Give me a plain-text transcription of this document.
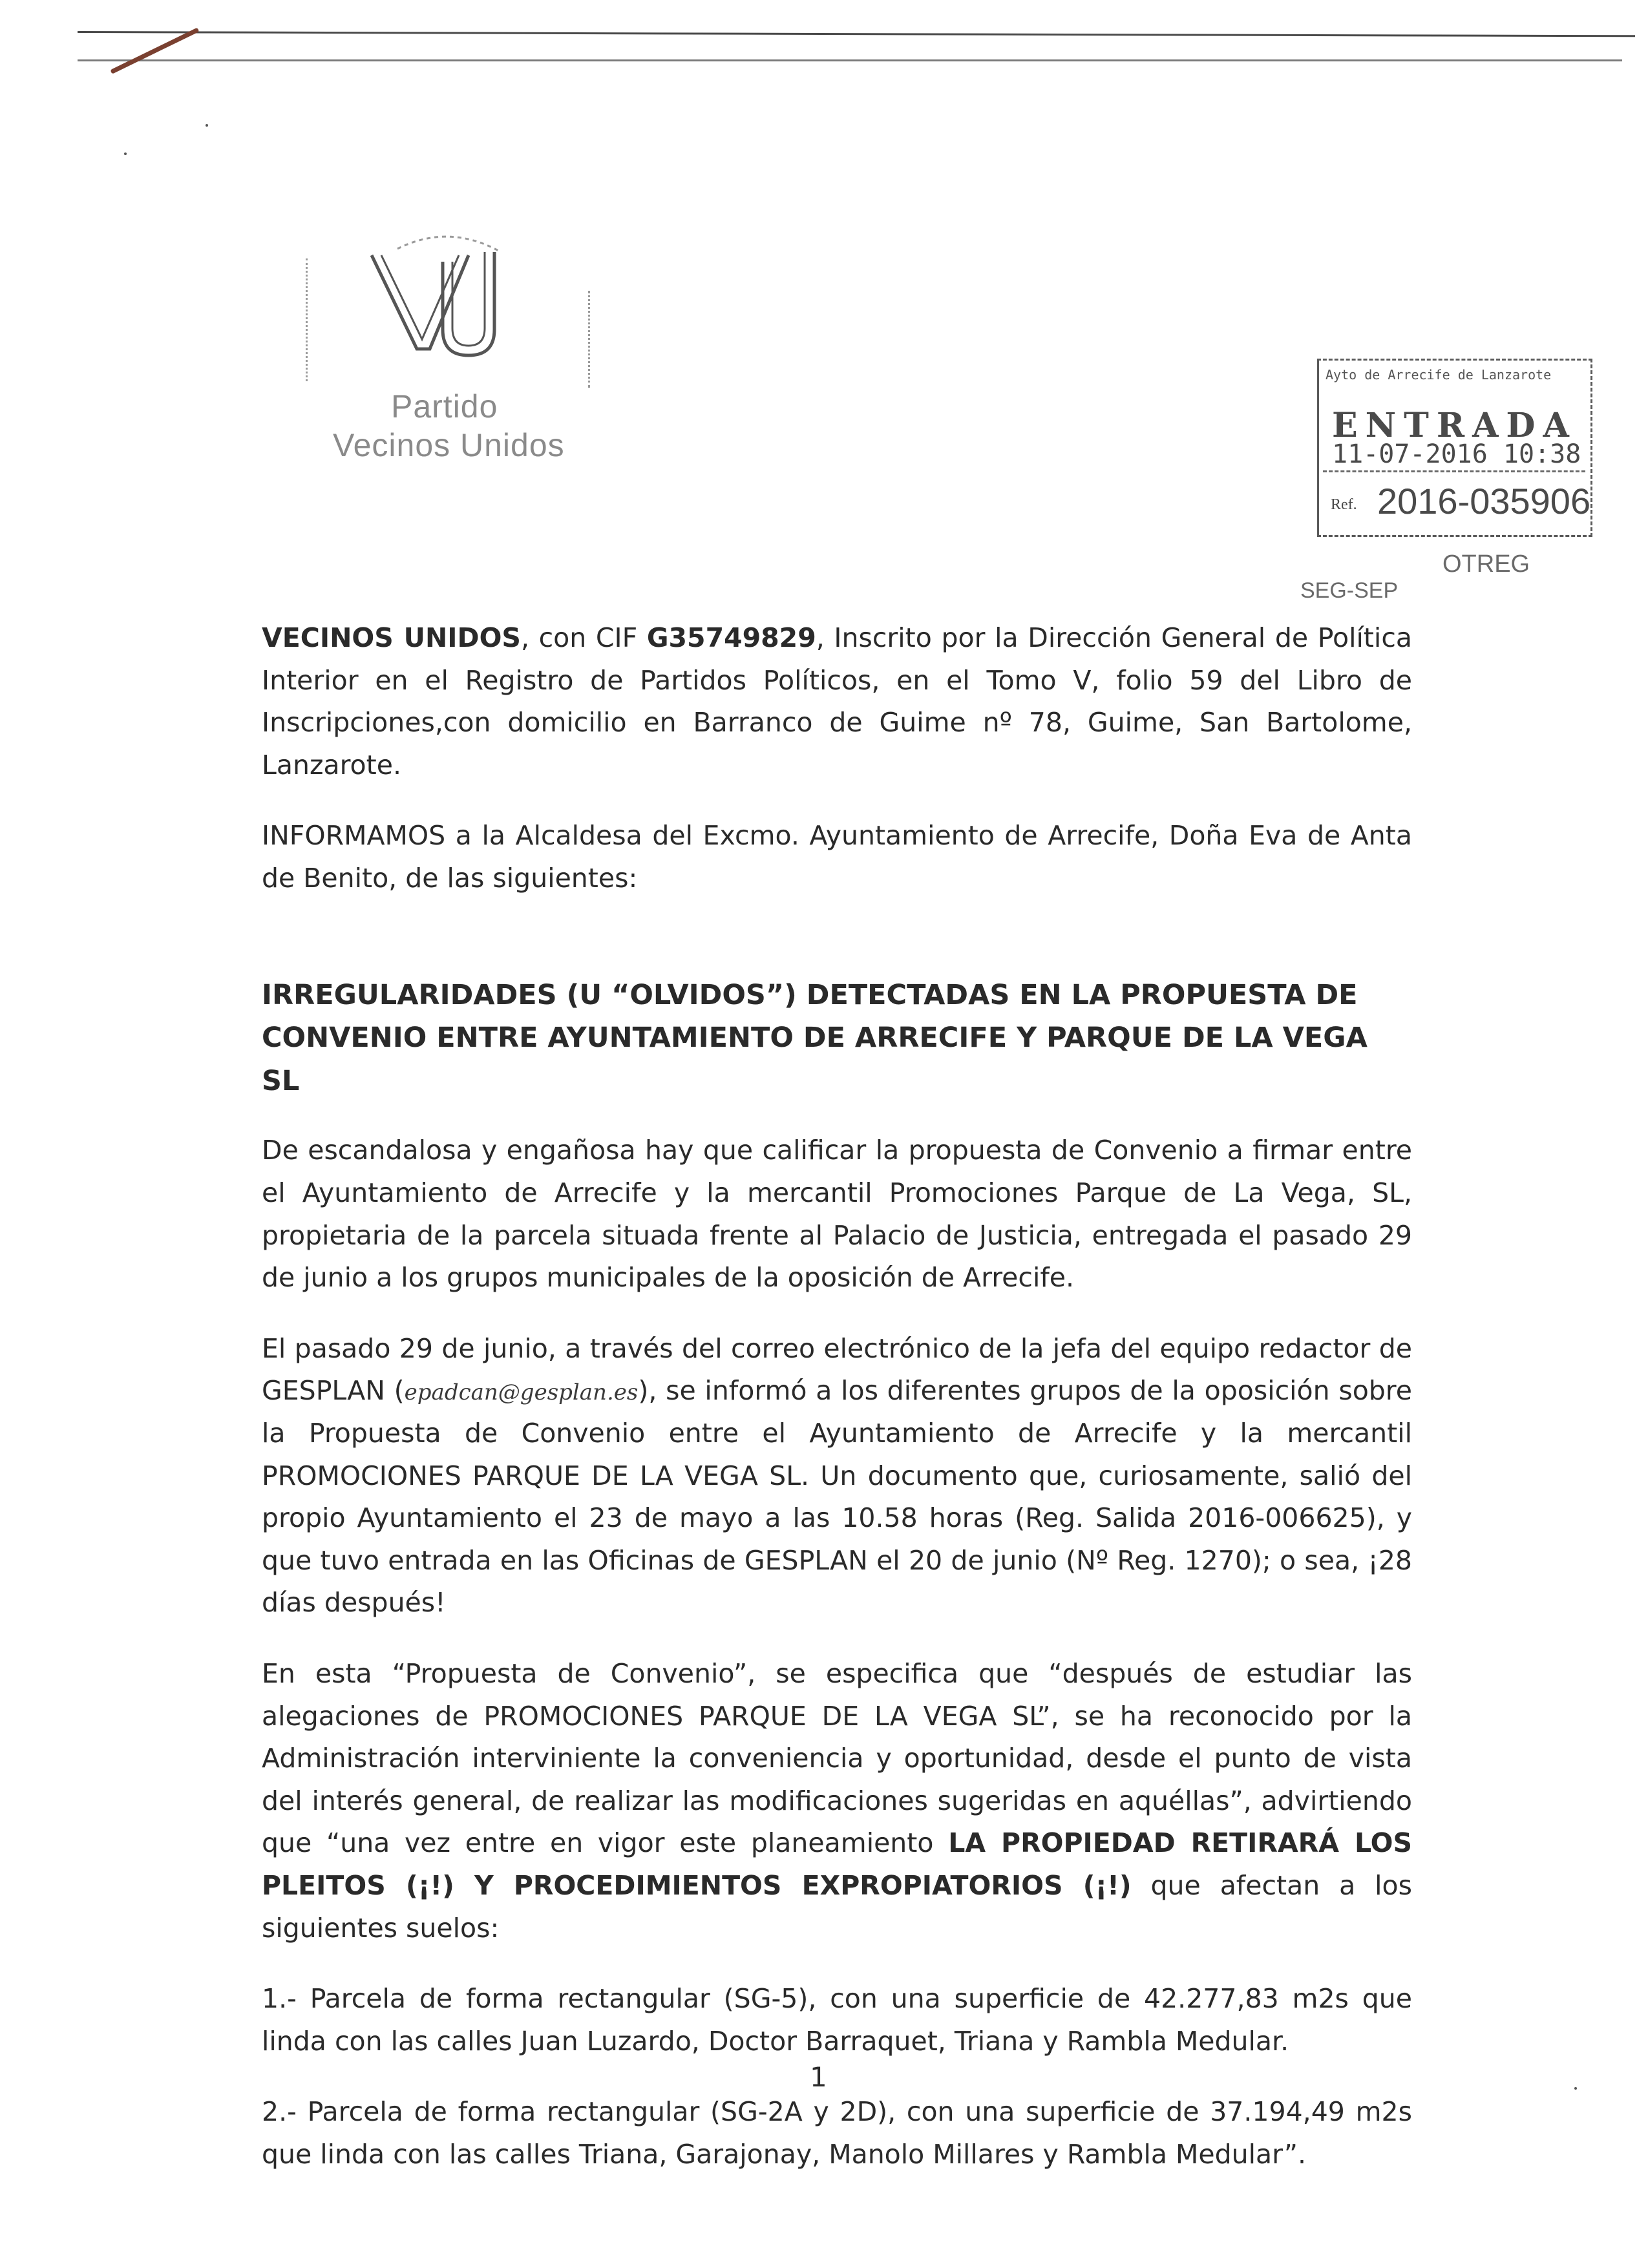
Partido
Vecinos Unidos
Ayto de Arrecife de Lanzarote
ENTRADA
11-07-2016 10:38
Ref. 2016-035906
OTREG
SEG-SEP

VECINOS UNIDOS, con CIF G35749829, Inscrito por la Dirección General de Política Interior en el Registro de Partidos Políticos, en el Tomo V, folio 59 del Libro de Inscripciones,con domicilio en Barranco de Guime nº 78, Guime, San Bartolome, Lanzarote.

INFORMAMOS a la Alcaldesa del Excmo. Ayuntamiento de Arrecife, Doña Eva de Anta de Benito, de las siguientes:

IRREGULARIDADES (U “OLVIDOS”) DETECTADAS EN LA PROPUESTA DE CONVENIO ENTRE AYUNTAMIENTO DE ARRECIFE Y PARQUE DE LA VEGA SL

De escandalosa y engañosa hay que calificar la propuesta de Convenio a firmar entre el Ayuntamiento de Arrecife y la mercantil Promociones Parque de La Vega, SL, propietaria de la parcela situada frente al Palacio de Justicia, entregada el pasado 29 de junio a los grupos municipales de la oposición de Arrecife.

El pasado 29 de junio, a través del correo electrónico de la jefa del equipo redactor de GESPLAN (epadcan@gesplan.es), se informó a los diferentes grupos de la oposición sobre la Propuesta de Convenio entre el Ayuntamiento de Arrecife y la mercantil PROMOCIONES PARQUE DE LA VEGA SL. Un documento que, curiosamente, salió del propio Ayuntamiento el 23 de mayo a las 10.58 horas (Reg. Salida 2016-006625), y que tuvo entrada en las Oficinas de GESPLAN el 20 de junio (Nº Reg. 1270); o sea, ¡28 días después!

En esta “Propuesta de Convenio”, se especifica que “después de estudiar las alegaciones de PROMOCIONES PARQUE DE LA VEGA SL”, se ha reconocido por la Administración interviniente la conveniencia y oportunidad, desde el punto de vista del interés general, de realizar las modificaciones sugeridas en aquéllas”, advirtiendo que “una vez entre en vigor este planeamiento LA PROPIEDAD RETIRARÁ LOS PLEITOS (¡!) Y PROCEDIMIENTOS EXPROPIATORIOS (¡!) que afectan a los siguientes suelos:

1.- Parcela de forma rectangular (SG-5), con una superficie de 42.277,83 m2s que linda con las calles Juan Luzardo, Doctor Barraquet, Triana y Rambla Medular.

2.- Parcela de forma rectangular (SG-2A y 2D), con una superficie de 37.194,49 m2s que linda con las calles Triana, Garajonay, Manolo Millares y Rambla Medular”.

1
